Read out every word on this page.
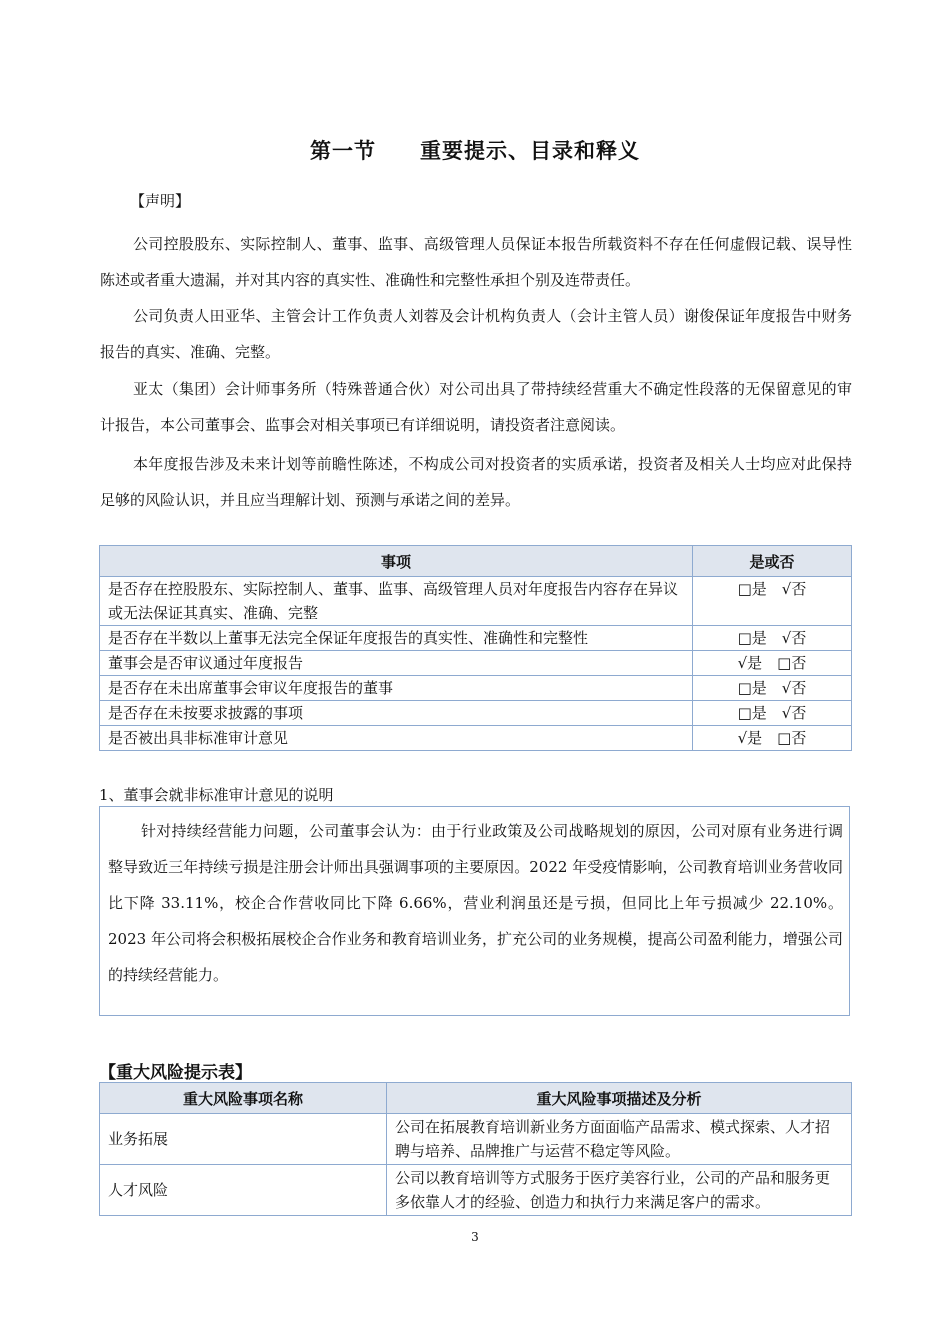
第一节　　重要提示、目录和释义
【声明】
公司控股股东、实际控制人、董事、监事、高级管理人员保证本报告所载资料不存在任何虚假记载、误导性陈述或者重大遗漏，并对其内容的真实性、准确性和完整性承担个别及连带责任。
公司负责人田亚华、主管会计工作负责人刘蓉及会计机构负责人（会计主管人员）谢俊保证年度报告中财务报告的真实、准确、完整。
亚太（集团）会计师事务所（特殊普通合伙）对公司出具了带持续经营重大不确定性段落的无保留意见的审计报告，本公司董事会、监事会对相关事项已有详细说明，请投资者注意阅读。
本年度报告涉及未来计划等前瞻性陈述，不构成公司对投资者的实质承诺，投资者及相关人士均应对此保持足够的风险认识，并且应当理解计划、预测与承诺之间的差异。
事项	是或否
是否存在控股股东、实际控制人、董事、监事、高级管理人员对年度报告内容存在异议或无法保证其真实、准确、完整	□是　√否
是否存在半数以上董事无法完全保证年度报告的真实性、准确性和完整性	□是　√否
董事会是否审议通过年度报告	√是　□否
是否存在未出席董事会审议年度报告的董事	□是　√否
是否存在未按要求披露的事项	□是　√否
是否被出具非标准审计意见	√是　□否
1、董事会就非标准审计意见的说明
针对持续经营能力问题，公司董事会认为：由于行业政策及公司战略规划的原因，公司对原有业务进行调整导致近三年持续亏损是注册会计师出具强调事项的主要原因。2022 年受疫情影响，公司教育培训业务营收同比下降 33.11%，校企合作营收同比下降 6.66%，营业利润虽还是亏损，但同比上年亏损减少 22.10%。2023 年公司将会积极拓展校企合作业务和教育培训业务，扩充公司的业务规模，提高公司盈利能力，增强公司的持续经营能力。
【重大风险提示表】
重大风险事项名称	重大风险事项描述及分析
业务拓展	公司在拓展教育培训新业务方面面临产品需求、模式探索、人才招聘与培养、品牌推广与运营不稳定等风险。
人才风险	公司以教育培训等方式服务于医疗美容行业，公司的产品和服务更多依靠人才的经验、创造力和执行力来满足客户的需求。
3
